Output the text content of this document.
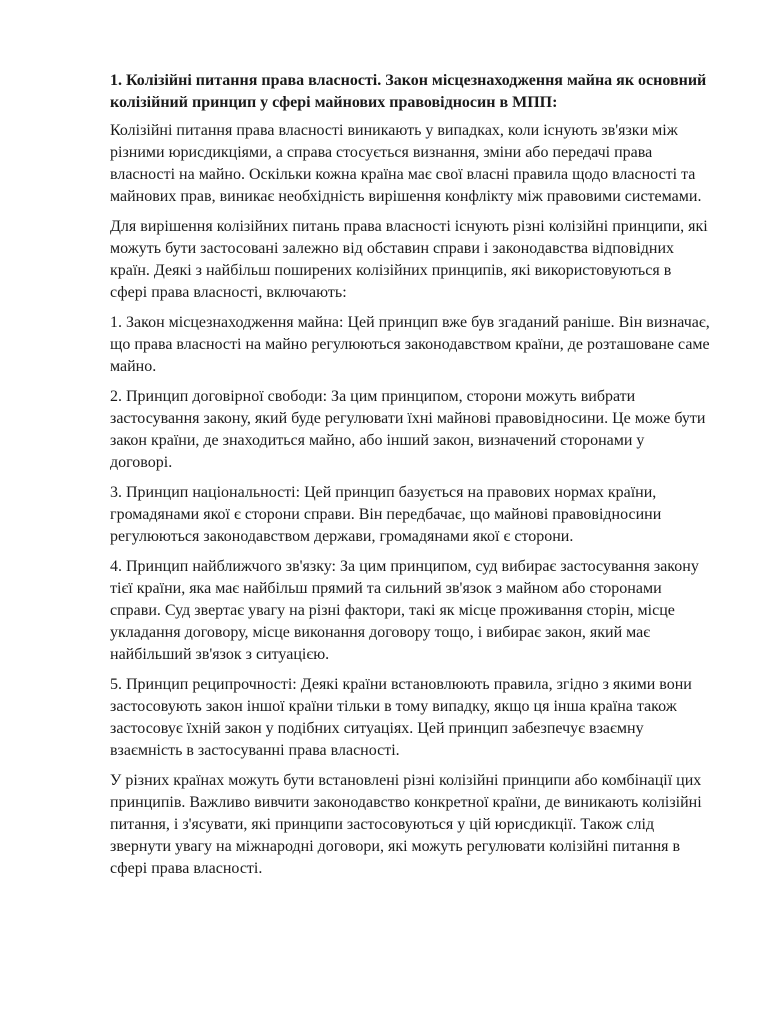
1. Колізійні питання права власності. Закон місцезнаходження майна як основний колізійний принцип у сфері майнових правовідносин в МПП:

Колізійні питання права власності виникають у випадках, коли існують зв'язки між різними юрисдикціями, а справа стосується визнання, зміни або передачі права власності на майно. Оскільки кожна країна має свої власні правила щодо власності та майнових прав, виникає необхідність вирішення конфлікту між правовими системами.

Для вирішення колізійних питань права власності існують різні колізійні принципи, які можуть бути застосовані залежно від обставин справи і законодавства відповідних країн. Деякі з найбільш поширених колізійних принципів, які використовуються в сфері права власності, включають:

1. Закон місцезнаходження майна: Цей принцип вже був згаданий раніше. Він визначає, що права власності на майно регулюються законодавством країни, де розташоване саме майно.

2. Принцип договірної свободи: За цим принципом, сторони можуть вибрати застосування закону, який буде регулювати їхні майнові правовідносини. Це може бути закон країни, де знаходиться майно, або інший закон, визначений сторонами у договорі.

3. Принцип національності: Цей принцип базується на правових нормах країни, громадянами якої є сторони справи. Він передбачає, що майнові правовідносини регулюються законодавством держави, громадянами якої є сторони.

4. Принцип найближчого зв'язку: За цим принципом, суд вибирає застосування закону тієї країни, яка має найбільш прямий та сильний зв'язок з майном або сторонами справи. Суд звертає увагу на різні фактори, такі як місце проживання сторін, місце укладання договору, місце виконання договору тощо, і вибирає закон, який має найбільший зв'язок з ситуацією.

5. Принцип реципрочності: Деякі країни встановлюють правила, згідно з якими вони застосовують закон іншої країни тільки в тому випадку, якщо ця інша країна також застосовує їхній закон у подібних ситуаціях. Цей принцип забезпечує взаємну взаємність в застосуванні права власності.

У різних країнах можуть бути встановлені різні колізійні принципи або комбінації цих принципів. Важливо вивчити законодавство конкретної країни, де виникають колізійні питання, і з'ясувати, які принципи застосовуються у цій юрисдикції. Також слід звернути увагу на міжнародні договори, які можуть регулювати колізійні питання в сфері права власності.
